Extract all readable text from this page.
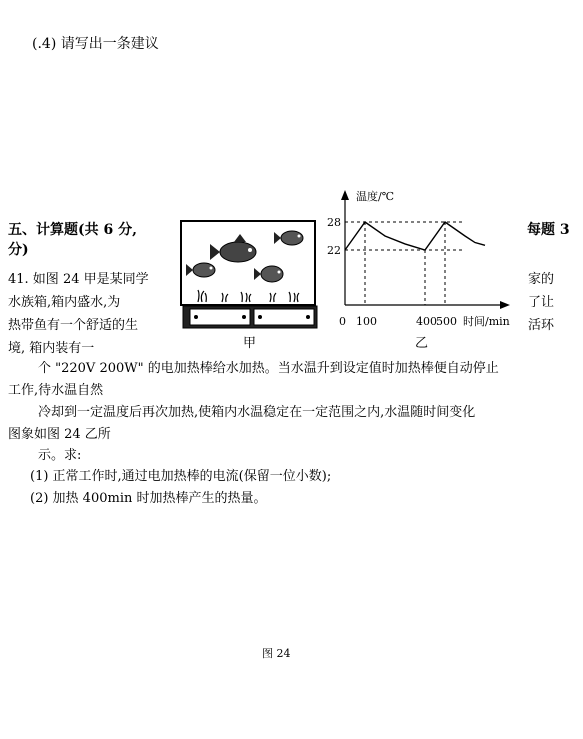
(.4) 请写出一条建议
五、计算题(共 6 分,
分)
每题 3
41. 如图 24 甲是某同学
水族箱,箱内盛水,为
热带鱼有一个舒适的生
境, 箱内装有一
家的
了让
活环
个 "220V 200W" 的电加热棒给水加热。当水温升到设定值时加热棒便自动停止
工作,待水温自然
冷却到一定温度后再次加热,使箱内水温稳定在一定范围之内,水温随时间变化
图象如图 24 乙所
示。求:
(1) 正常工作时,通过电加热棒的电流(保留一位小数);
(2) 加热 400min 时加热棒产生的热量。
甲
0 100	400 500
22
28
温度/℃
时间/min
乙
图 24
